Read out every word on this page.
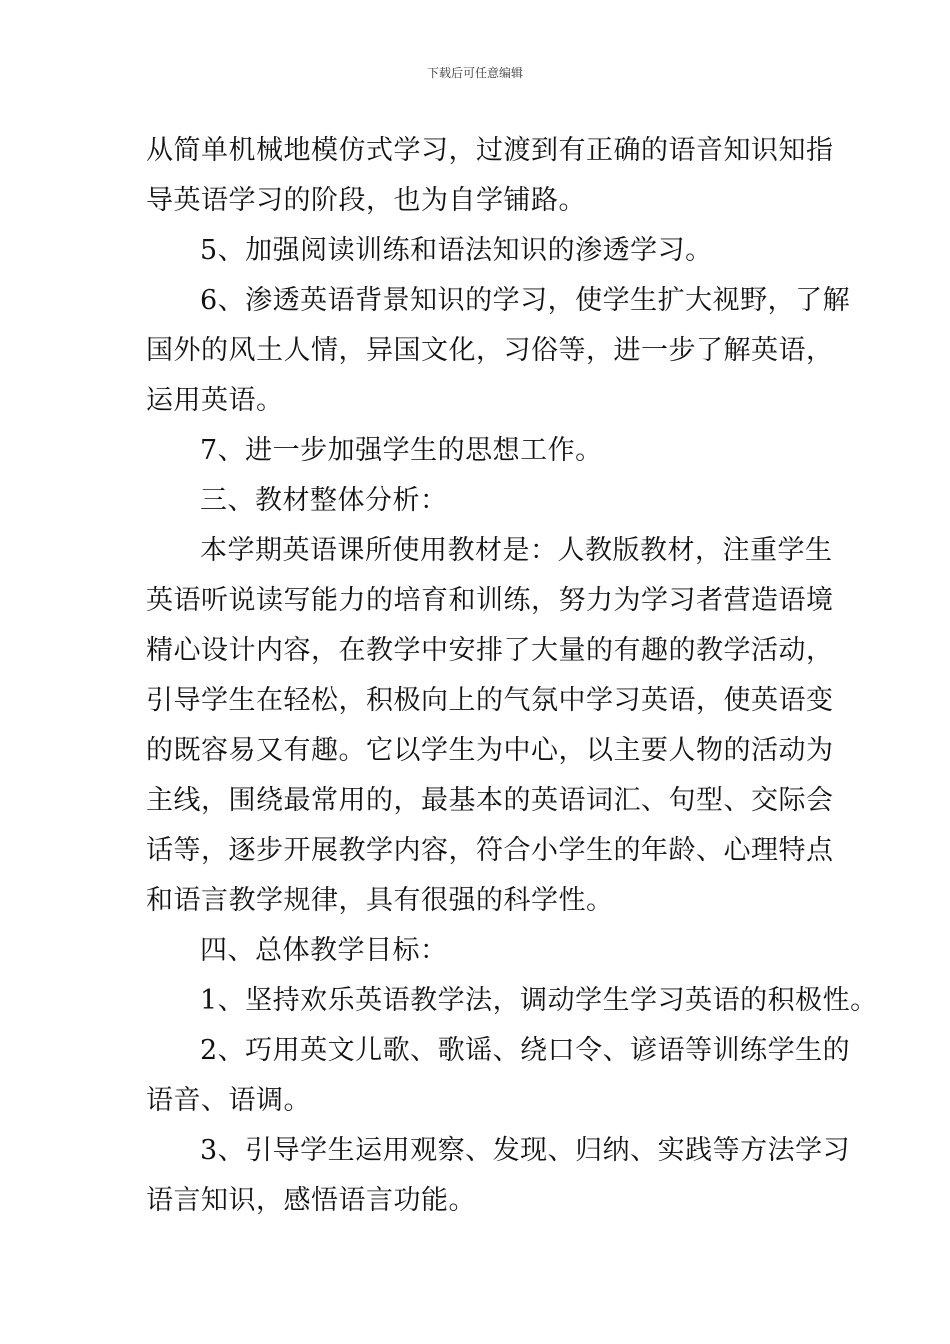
下载后可任意编辑

从简单机械地模仿式学习，过渡到有正确的语音知识知指
导英语学习的阶段，也为自学铺路。

5、加强阅读训练和语法知识的渗透学习。

6、渗透英语背景知识的学习，使学生扩大视野，了解
国外的风土人情，异国文化，习俗等，进一步了解英语，
运用英语。

7、进一步加强学生的思想工作。

三、教材整体分析：

本学期英语课所使用教材是：人教版教材，注重学生
英语听说读写能力的培育和训练，努力为学习者营造语境
精心设计内容，在教学中安排了大量的有趣的教学活动，
引导学生在轻松，积极向上的气氛中学习英语，使英语变
的既容易又有趣。它以学生为中心，以主要人物的活动为
主线，围绕最常用的，最基本的英语词汇、句型、交际会
话等，逐步开展教学内容，符合小学生的年龄、心理特点
和语言教学规律，具有很强的科学性。

四、总体教学目标：

1、坚持欢乐英语教学法，调动学生学习英语的积极性。

2、巧用英文儿歌、歌谣、绕口令、谚语等训练学生的
语音、语调。

3、引导学生运用观察、发现、归纳、实践等方法学习
语言知识，感悟语言功能。
